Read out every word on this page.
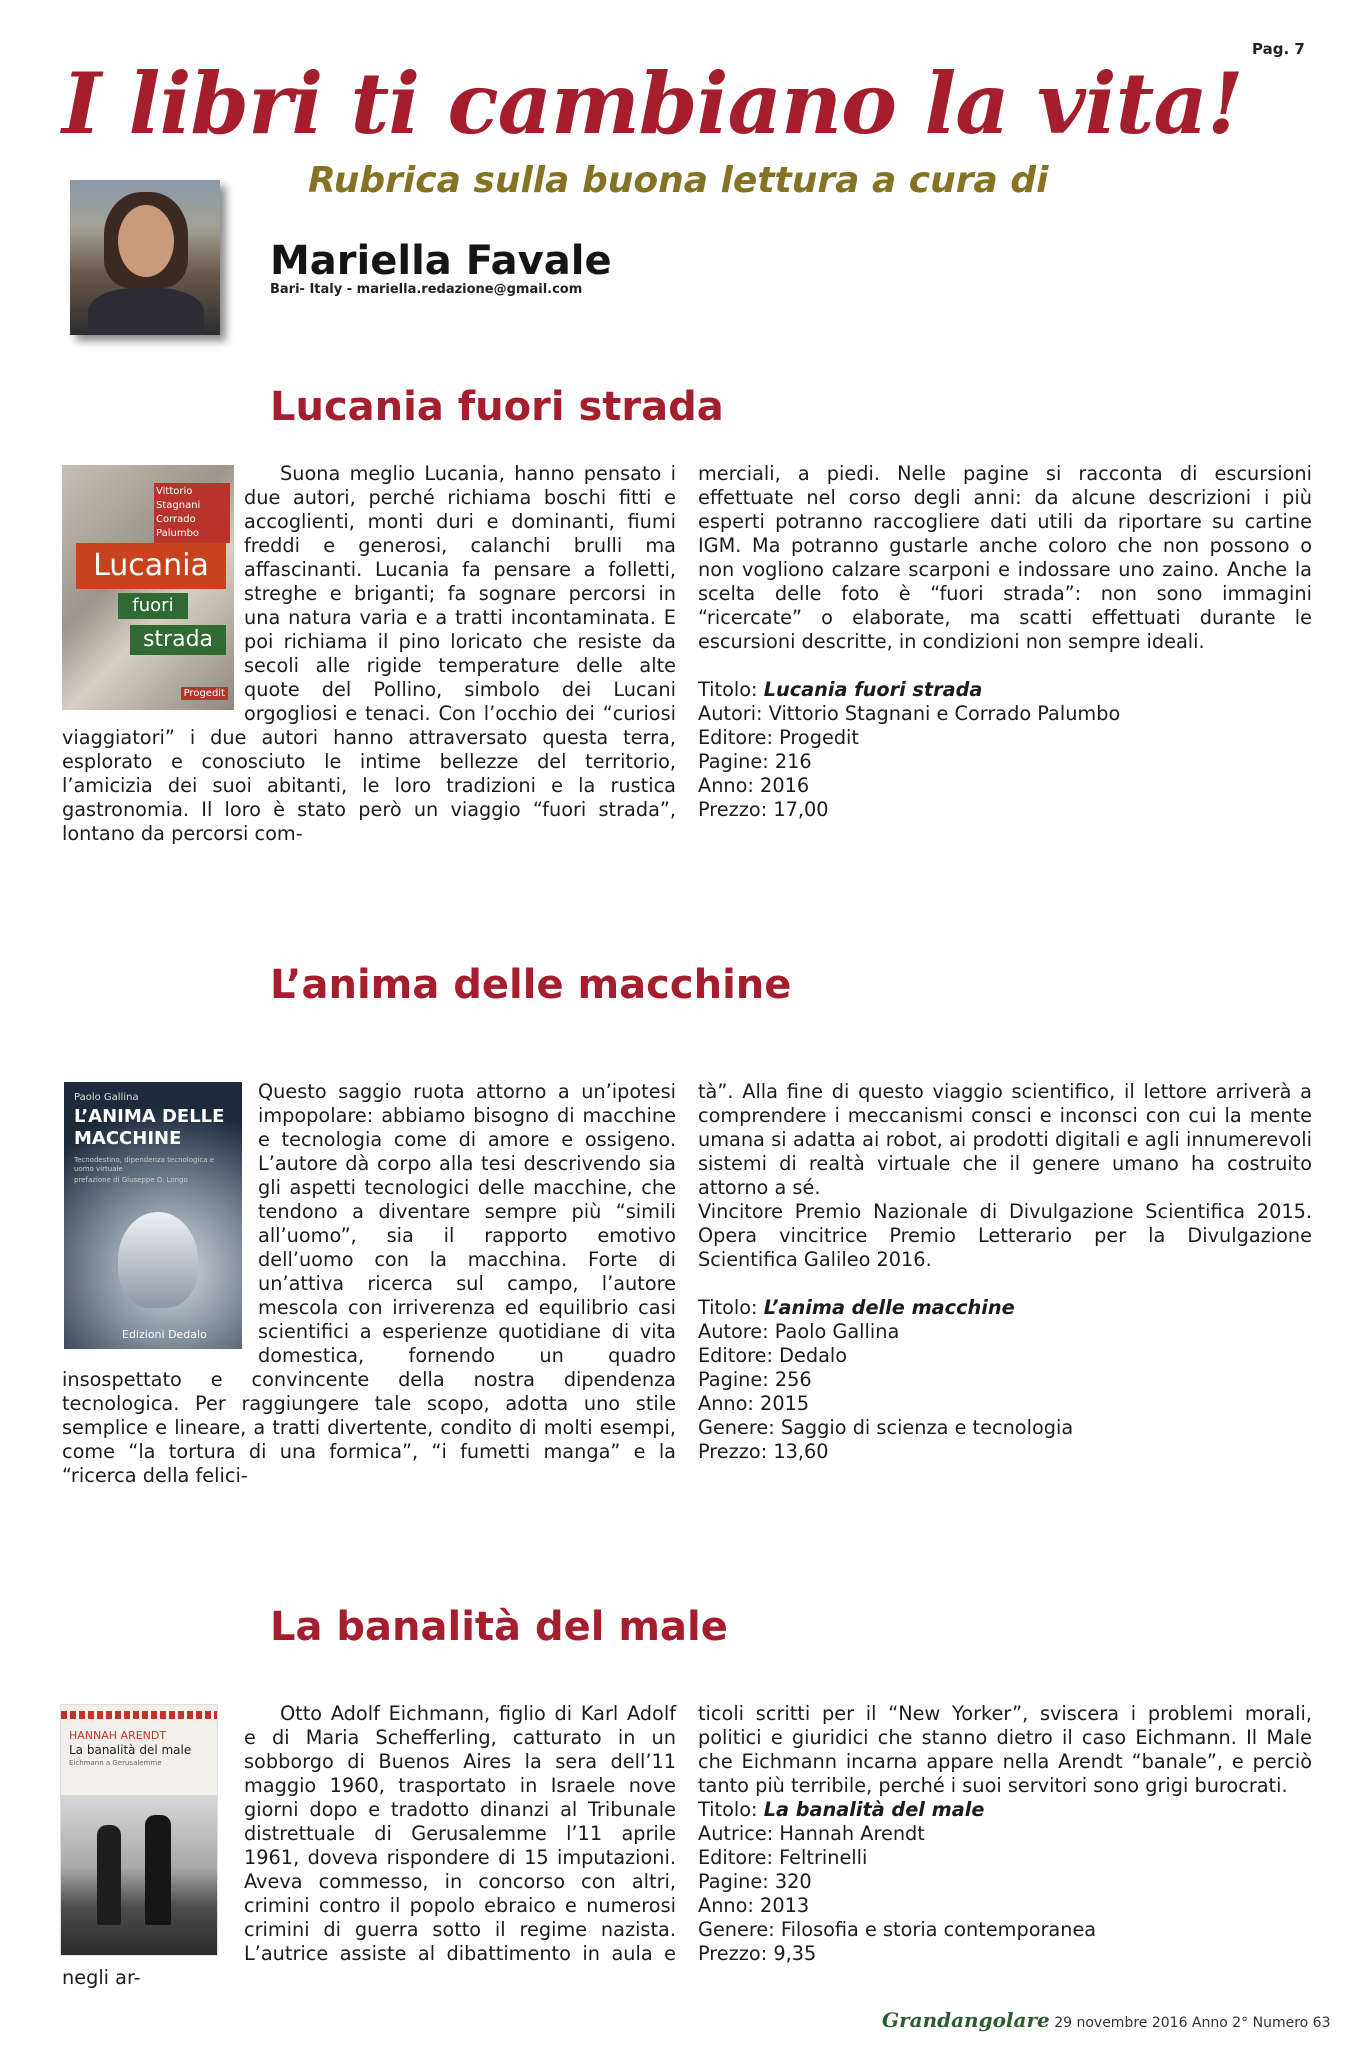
Pag. 7
I libri ti cambiano la vita!
Rubrica sulla buona lettura a cura di
Mariella Favale
Bari- Italy - mariella.redazione@gmail.com
Lucania fuori strada
Vittorio Stagnani Corrado Palumbo
Lucania
fuori
strada
Progedit

Suona meglio Lucania, hanno pensato i due autori, perché richiama boschi fitti e accoglienti, monti duri e dominanti, fiumi freddi e generosi, calanchi brulli ma affascinanti. Lucania fa pensare a folletti, streghe e briganti; fa sognare percorsi in una natura varia e a tratti incontaminata. E poi richiama il pino loricato che resiste da secoli alle rigide temperature delle alte quote del Pollino, simbolo dei Lucani orgogliosi e tenaci. Con l’occhio dei “curiosi viaggiatori” i due autori hanno attraversato questa terra, esplorato e conosciuto le intime bellezze del territorio, l’amicizia dei suoi abitanti, le loro tradizioni e la rustica gastronomia. Il loro è stato però un viaggio “fuori strada”, lontano da percorsi com-

merciali, a piedi. Nelle pagine si racconta di escursioni effettuate nel corso degli anni: da alcune descrizioni i più esperti potranno raccogliere dati utili da riportare su cartine IGM. Ma potranno gustarle anche coloro che non possono o non vogliono calzare scarponi e indossare uno zaino. Anche la scelta delle foto è “fuori strada”: non sono immagini “ricercate” o elaborate, ma scatti effettuati durante le escursioni descritte, in condizioni non sempre ideali.

Titolo: Lucania fuori strada

Autori: Vittorio Stagnani e Corrado Palumbo

Editore: Progedit

Pagine: 216

Anno: 2016

Prezzo: 17,00

L’anima delle macchine
Paolo Gallina
L’ANIMA DELLE MACCHINE
Tecnodestino, dipendenza tecnologica e uomo virtuale
prefazione di Giuseppe O. Longo
Edizioni Dedalo

Questo saggio ruota attorno a un’ipotesi impopolare: abbiamo bisogno di macchine e tecnologia come di amore e ossigeno. L’autore dà corpo alla tesi descrivendo sia gli aspetti tecnologici delle macchine, che tendono a diventare sempre più “simili all’uomo”, sia il rapporto emotivo dell’uomo con la macchina. Forte di un’attiva ricerca sul campo, l’autore mescola con irriverenza ed equilibrio casi scientifici a esperienze quotidiane di vita domestica, fornendo un quadro insospettato e convincente della nostra dipendenza tecnologica. Per raggiungere tale scopo, adotta uno stile semplice e lineare, a tratti divertente, condito di molti esempi, come “la tortura di una formica”, “i fumetti manga” e la “ricerca della felici-

tà”. Alla fine di questo viaggio scientifico, il lettore arriverà a comprendere i meccanismi consci e inconsci con cui la mente umana si adatta ai robot, ai prodotti digitali e agli innumerevoli sistemi di realtà virtuale che il genere umano ha costruito attorno a sé.

Vincitore Premio Nazionale di Divulgazione Scientifica 2015. Opera vincitrice Premio Letterario per la Divulgazione Scientifica Galileo 2016.

Titolo: L’anima delle macchine

Autore: Paolo Gallina

Editore: Dedalo

Pagine: 256

Anno: 2015

Genere: Saggio di scienza e tecnologia

Prezzo: 13,60

La banalità del male
HANNAH ARENDT
La banalità del male
Eichmann a Gerusalemme

Otto Adolf Eichmann, figlio di Karl Adolf e di Maria Schefferling, catturato in un sobborgo di Buenos Aires la sera dell’11 maggio 1960, trasportato in Israele nove giorni dopo e tradotto dinanzi al Tribunale distrettuale di Gerusalemme l’11 aprile 1961, doveva rispondere di 15 imputazioni. Aveva commesso, in concorso con altri, crimini contro il popolo ebraico e numerosi crimini di guerra sotto il regime nazista. L’autrice assiste al dibattimento in aula e negli ar-

ticoli scritti per il “New Yorker”, sviscera i problemi morali, politici e giuridici che stanno dietro il caso Eichmann. Il Male che Eichmann incarna appare nella Arendt “banale”, e perciò tanto più terribile, perché i suoi servitori sono grigi burocrati.

Titolo: La banalità del male

Autrice: Hannah Arendt

Editore: Feltrinelli

Pagine: 320

Anno: 2013

Genere: Filosofia e storia contemporanea

Prezzo: 9,35

Grandangolare 29 novembre 2016 Anno 2° Numero 63
